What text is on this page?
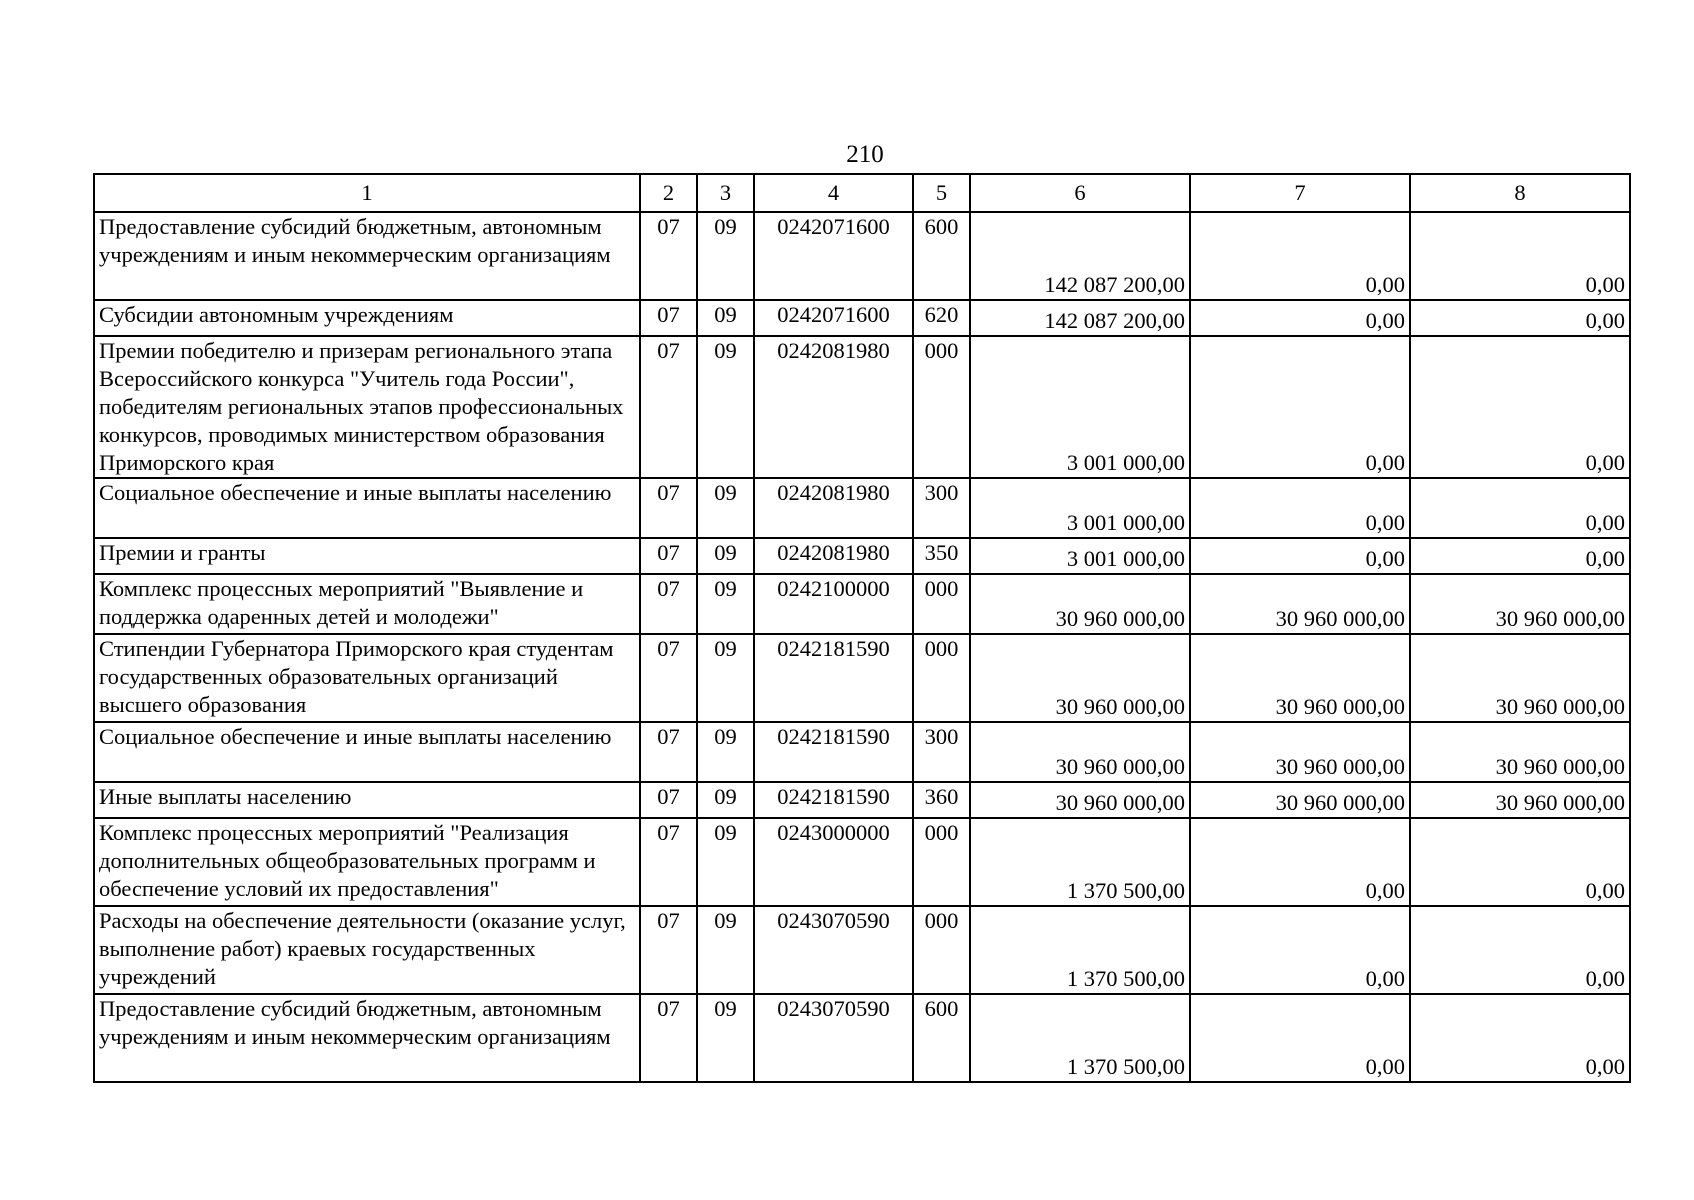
210
1	2	3	4	5	6	7	8
Предоставление субсидий бюджетным, автономным учреждениям и иным некоммерческим организациям	07	09	0242071600	600	142 087 200,00	0,00	0,00
Субсидии автономным учреждениям	07	09	0242071600	620	142 087 200,00	0,00	0,00
Премии победителю и призерам регионального этапа Всероссийского конкурса "Учитель года России", победителям региональных этапов профессиональных конкурсов, проводимых министерством образования Приморского края	07	09	0242081980	000	3 001 000,00	0,00	0,00
Социальное обеспечение и иные выплаты населению	07	09	0242081980	300	3 001 000,00	0,00	0,00
Премии и гранты	07	09	0242081980	350	3 001 000,00	0,00	0,00
Комплекс процессных мероприятий "Выявление и поддержка одаренных детей и молодежи"	07	09	0242100000	000	30 960 000,00	30 960 000,00	30 960 000,00
Стипендии Губернатора Приморского края студентам государственных образовательных организаций высшего образования	07	09	0242181590	000	30 960 000,00	30 960 000,00	30 960 000,00
Социальное обеспечение и иные выплаты населению	07	09	0242181590	300	30 960 000,00	30 960 000,00	30 960 000,00
Иные выплаты населению	07	09	0242181590	360	30 960 000,00	30 960 000,00	30 960 000,00
Комплекс процессных мероприятий "Реализация дополнительных общеобразовательных программ и обеспечение условий их предоставления"	07	09	0243000000	000	1 370 500,00	0,00	0,00
Расходы на обеспечение деятельности (оказание услуг, выполнение работ) краевых государственных учреждений	07	09	0243070590	000	1 370 500,00	0,00	0,00
Предоставление субсидий бюджетным, автономным учреждениям и иным некоммерческим организациям	07	09	0243070590	600	1 370 500,00	0,00	0,00
